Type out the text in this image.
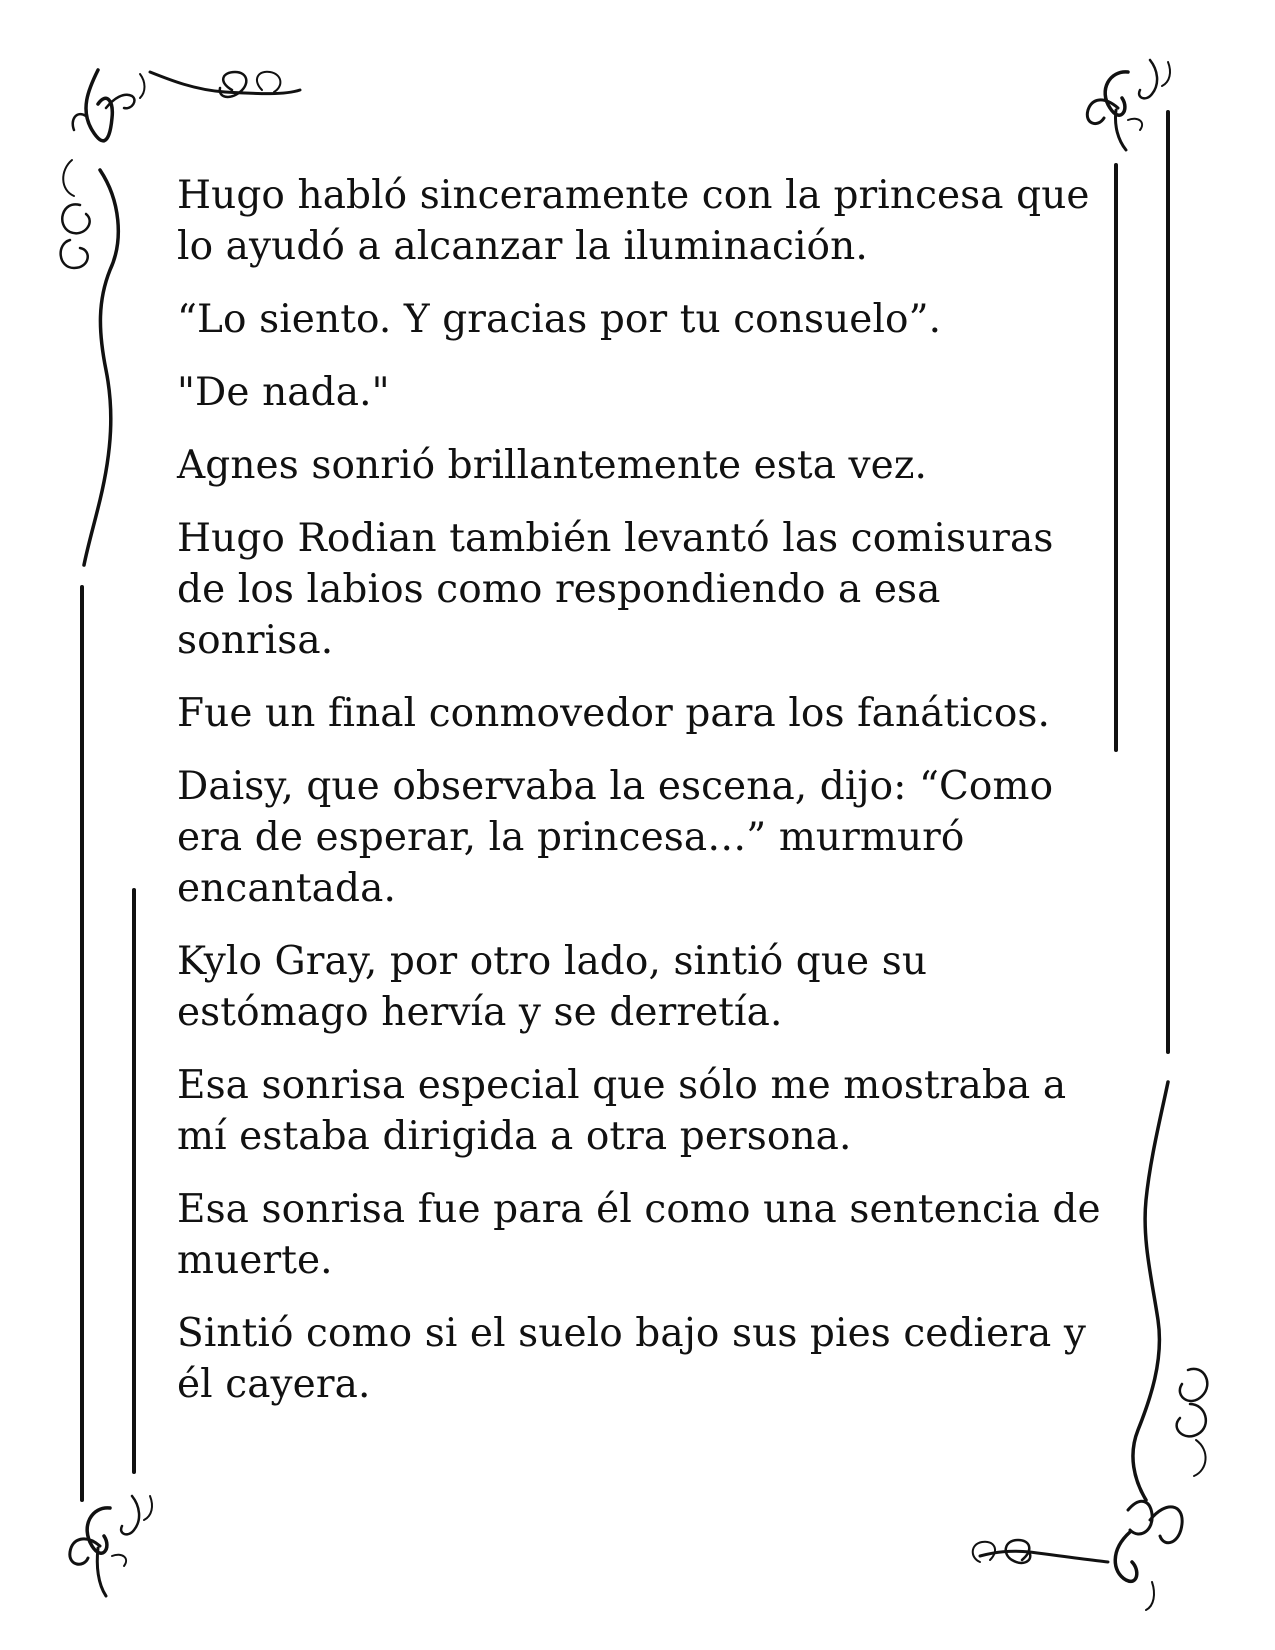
Hugo habló sinceramente con la princesa que lo ayudó a alcanzar la iluminación.

“Lo siento. Y gracias por tu consuelo”.

"De nada."

Agnes sonrió brillantemente esta vez.

Hugo Rodian también levantó las comisuras de los labios como respondiendo a esa sonrisa.

Fue un final conmovedor para los fanáticos.

Daisy, que observaba la escena, dijo: “Como era de esperar, la princesa…” murmuró encantada.

Kylo Gray, por otro lado, sintió que su estómago hervía y se derretía.

Esa sonrisa especial que sólo me mostraba a mí estaba dirigida a otra persona.

Esa sonrisa fue para él como una sentencia de muerte.

Sintió como si el suelo bajo sus pies cediera y él cayera.
